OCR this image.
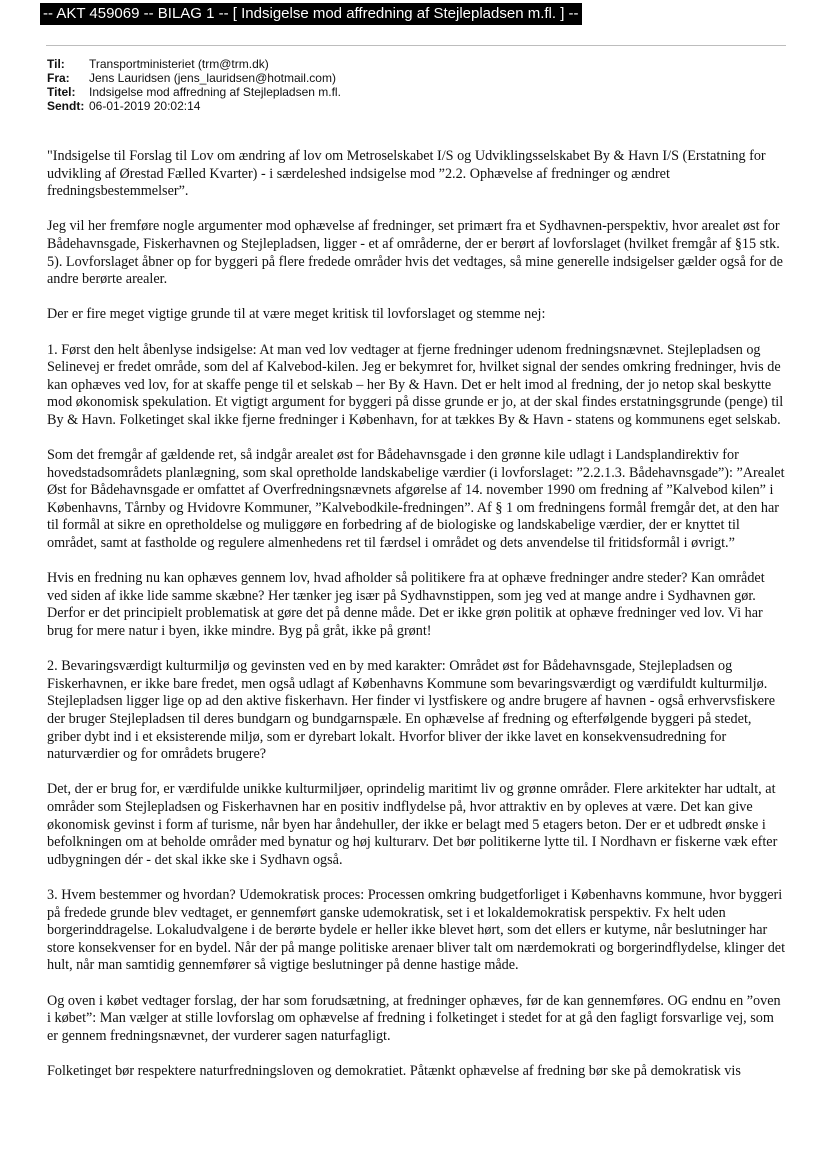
-- AKT 459069 -- BILAG 1 -- [ Indsigelse mod affredning af Stejlepladsen m.fl. ] --
Til:	Transportministeriet (trm@trm.dk)
Fra:	Jens Lauridsen (jens_lauridsen@hotmail.com)
Titel:	Indsigelse mod affredning af Stejlepladsen m.fl.
Sendt: 06-01-2019 20:02:14

"Indsigelse til Forslag til Lov om ændring af lov om Metroselskabet I/S og Udviklingsselskabet By & Havn I/S (Erstatning for udvikling af Ørestad Fælled Kvarter) - i særdeleshed indsigelse mod ”2.2. Ophævelse af fredninger og ændret fredningsbestemmelser”.

Jeg vil her fremføre nogle argumenter mod ophævelse af fredninger, set primært fra et Sydhavnen-perspektiv, hvor arealet øst for Bådehavnsgade, Fiskerhavnen og Stejlepladsen, ligger - et af områderne, der er berørt af lovforslaget (hvilket fremgår af §15 stk. 5). Lovforslaget åbner op for byggeri på flere fredede områder hvis det vedtages, så mine generelle indsigelser gælder også for de andre berørte arealer.

Der er fire meget vigtige grunde til at være meget kritisk til lovforslaget og stemme nej:

1. Først den helt åbenlyse indsigelse: At man ved lov vedtager at fjerne fredninger udenom fredningsnævnet. Stejlepladsen og Selinevej er fredet område, som del af Kalvebod-kilen. Jeg er bekymret for, hvilket signal der sendes omkring fredninger, hvis de kan ophæves ved lov, for at skaffe penge til et selskab – her By & Havn. Det er helt imod al fredning, der jo netop skal beskytte mod økonomisk spekulation. Et vigtigt argument for byggeri på disse grunde er jo, at der skal findes erstatningsgrunde (penge) til By & Havn. Folketinget skal ikke fjerne fredninger i København, for at tækkes By & Havn - statens og kommunens eget selskab.

Som det fremgår af gældende ret, så indgår arealet øst for Bådehavnsgade i den grønne kile udlagt i Landsplandirektiv for hovedstadsområdets planlægning, som skal opretholde landskabelige værdier (i lovforslaget: ”2.2.1.3. Bådehavnsgade”): ”Arealet Øst for Bådehavnsgade er omfattet af Overfredningsnævnets afgørelse af 14. november 1990 om fredning af ”Kalvebod kilen” i Københavns, Tårnby og Hvidovre Kommuner, ”Kalvebodkile-fredningen”. Af § 1 om fredningens formål fremgår det, at den har til formål at sikre en opretholdelse og muliggøre en forbedring af de biologiske og landskabelige værdier, der er knyttet til området, samt at fastholde og regulere almenhedens ret til færdsel i området og dets anvendelse til fritidsformål i øvrigt.”

Hvis en fredning nu kan ophæves gennem lov, hvad afholder så politikere fra at ophæve fredninger andre steder? Kan området ved siden af ikke lide samme skæbne? Her tænker jeg især på Sydhavnstippen, som jeg ved at mange andre i Sydhavnen gør. Derfor er det principielt problematisk at gøre det på denne måde. Det er ikke grøn politik at ophæve fredninger ved lov. Vi har brug for mere natur i byen, ikke mindre. Byg på gråt, ikke på grønt!

2. Bevaringsværdigt kulturmiljø og gevinsten ved en by med karakter: Området øst for Bådehavnsgade, Stejlepladsen og Fiskerhavnen, er ikke bare fredet, men også udlagt af Københavns Kommune som bevaringsværdigt og værdifuldt kulturmiljø. Stejlepladsen ligger lige op ad den aktive fiskerhavn. Her finder vi lystfiskere og andre brugere af havnen - også erhvervsfiskere der bruger Stejlepladsen til deres bundgarn og bundgarnspæle. En ophævelse af fredning og efterfølgende byggeri på stedet, griber dybt ind i et eksisterende miljø, som er dyrebart lokalt. Hvorfor bliver der ikke lavet en konsekvensudredning for naturværdier og for områdets brugere?

Det, der er brug for, er værdifulde unikke kulturmiljøer, oprindelig maritimt liv og grønne områder. Flere arkitekter har udtalt, at områder som Stejlepladsen og Fiskerhavnen har en positiv indflydelse på, hvor attraktiv en by opleves at være. Det kan give økonomisk gevinst i form af turisme, når byen har åndehuller, der ikke er belagt med 5 etagers beton. Der er et udbredt ønske i befolkningen om at beholde områder med bynatur og høj kulturarv. Det bør politikerne lytte til. I Nordhavn er fiskerne væk efter udbygningen dér - det skal ikke ske i Sydhavn også.

3. Hvem bestemmer og hvordan? Udemokratisk proces: Processen omkring budgetforliget i Københavns kommune, hvor byggeri på fredede grunde blev vedtaget, er gennemført ganske udemokratisk, set i et lokaldemokratisk perspektiv. Fx helt uden borgerinddragelse. Lokaludvalgene i de berørte bydele er heller ikke blevet hørt, som det ellers er kutyme, når beslutninger har store konsekvenser for en bydel. Når der på mange politiske arenaer bliver talt om nærdemokrati og borgerindflydelse, klinger det hult, når man samtidig gennemfører så vigtige beslutninger på denne hastige måde.

Og oven i købet vedtager forslag, der har som forudsætning, at fredninger ophæves, før de kan gennemføres. OG endnu en ”oven i købet”: Man vælger at stille lovforslag om ophævelse af fredning i folketinget i stedet for at gå den fagligt forsvarlige vej, som er gennem fredningsnævnet, der vurderer sagen naturfagligt.

Folketinget bør respektere naturfredningsloven og demokratiet. Påtænkt ophævelse af fredning bør ske på demokratisk vis
